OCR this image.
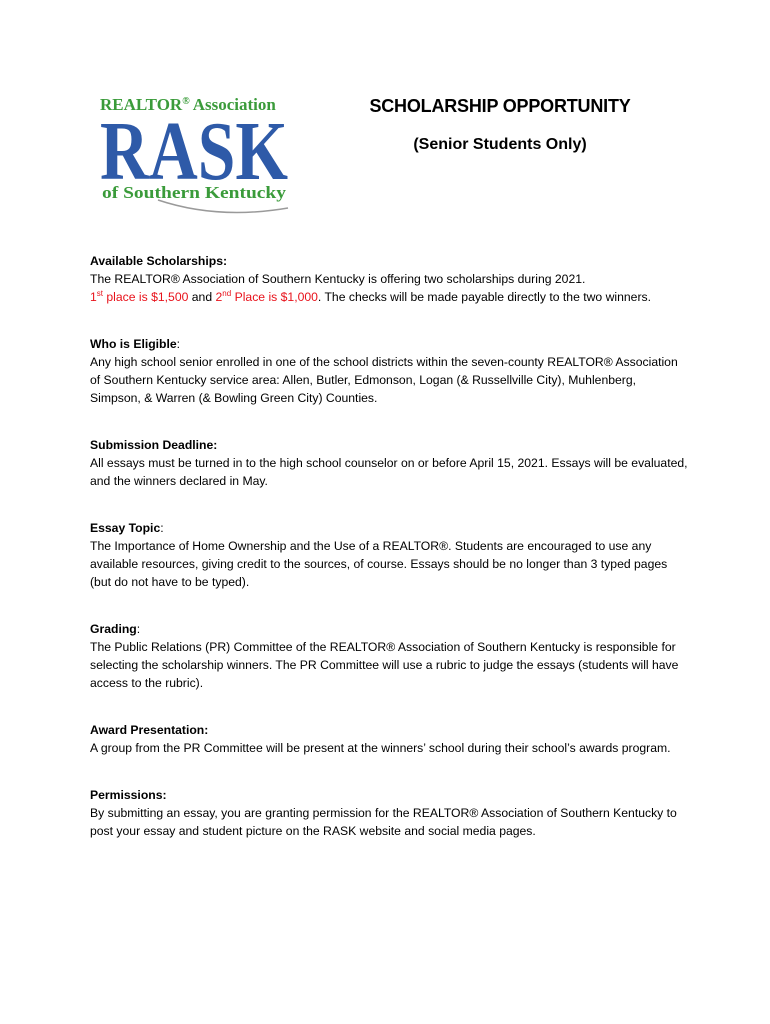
REALTOR® Association
RASK
of Southern Kentucky
SCHOLARSHIP OPPORTUNITY
(Senior Students Only)

Available Scholarships:

The REALTOR® Association of Southern Kentucky is offering two scholarships during 2021.

1st place is $1,500 and 2nd Place is $1,000. The checks will be made payable directly to the two winners.

Who is Eligible:

Any high school senior enrolled in one of the school districts within the seven-county REALTOR® Association of Southern Kentucky service area: Allen, Butler, Edmonson, Logan (& Russellville City), Muhlenberg, Simpson, & Warren (& Bowling Green City) Counties.

Submission Deadline:

All essays must be turned in to the high school counselor on or before April 15, 2021. Essays will be evaluated, and the winners declared in May.

Essay Topic:

The Importance of Home Ownership and the Use of a REALTOR®. Students are encouraged to use any available resources, giving credit to the sources, of course. Essays should be no longer than 3 typed pages (but do not have to be typed).

Grading:

The Public Relations (PR) Committee of the REALTOR® Association of Southern Kentucky is responsible for selecting the scholarship winners. The PR Committee will use a rubric to judge the essays (students will have access to the rubric).

Award Presentation:

A group from the PR Committee will be present at the winners’ school during their school’s awards program.

Permissions:

By submitting an essay, you are granting permission for the REALTOR® Association of Southern Kentucky to post your essay and student picture on the RASK website and social media pages.
